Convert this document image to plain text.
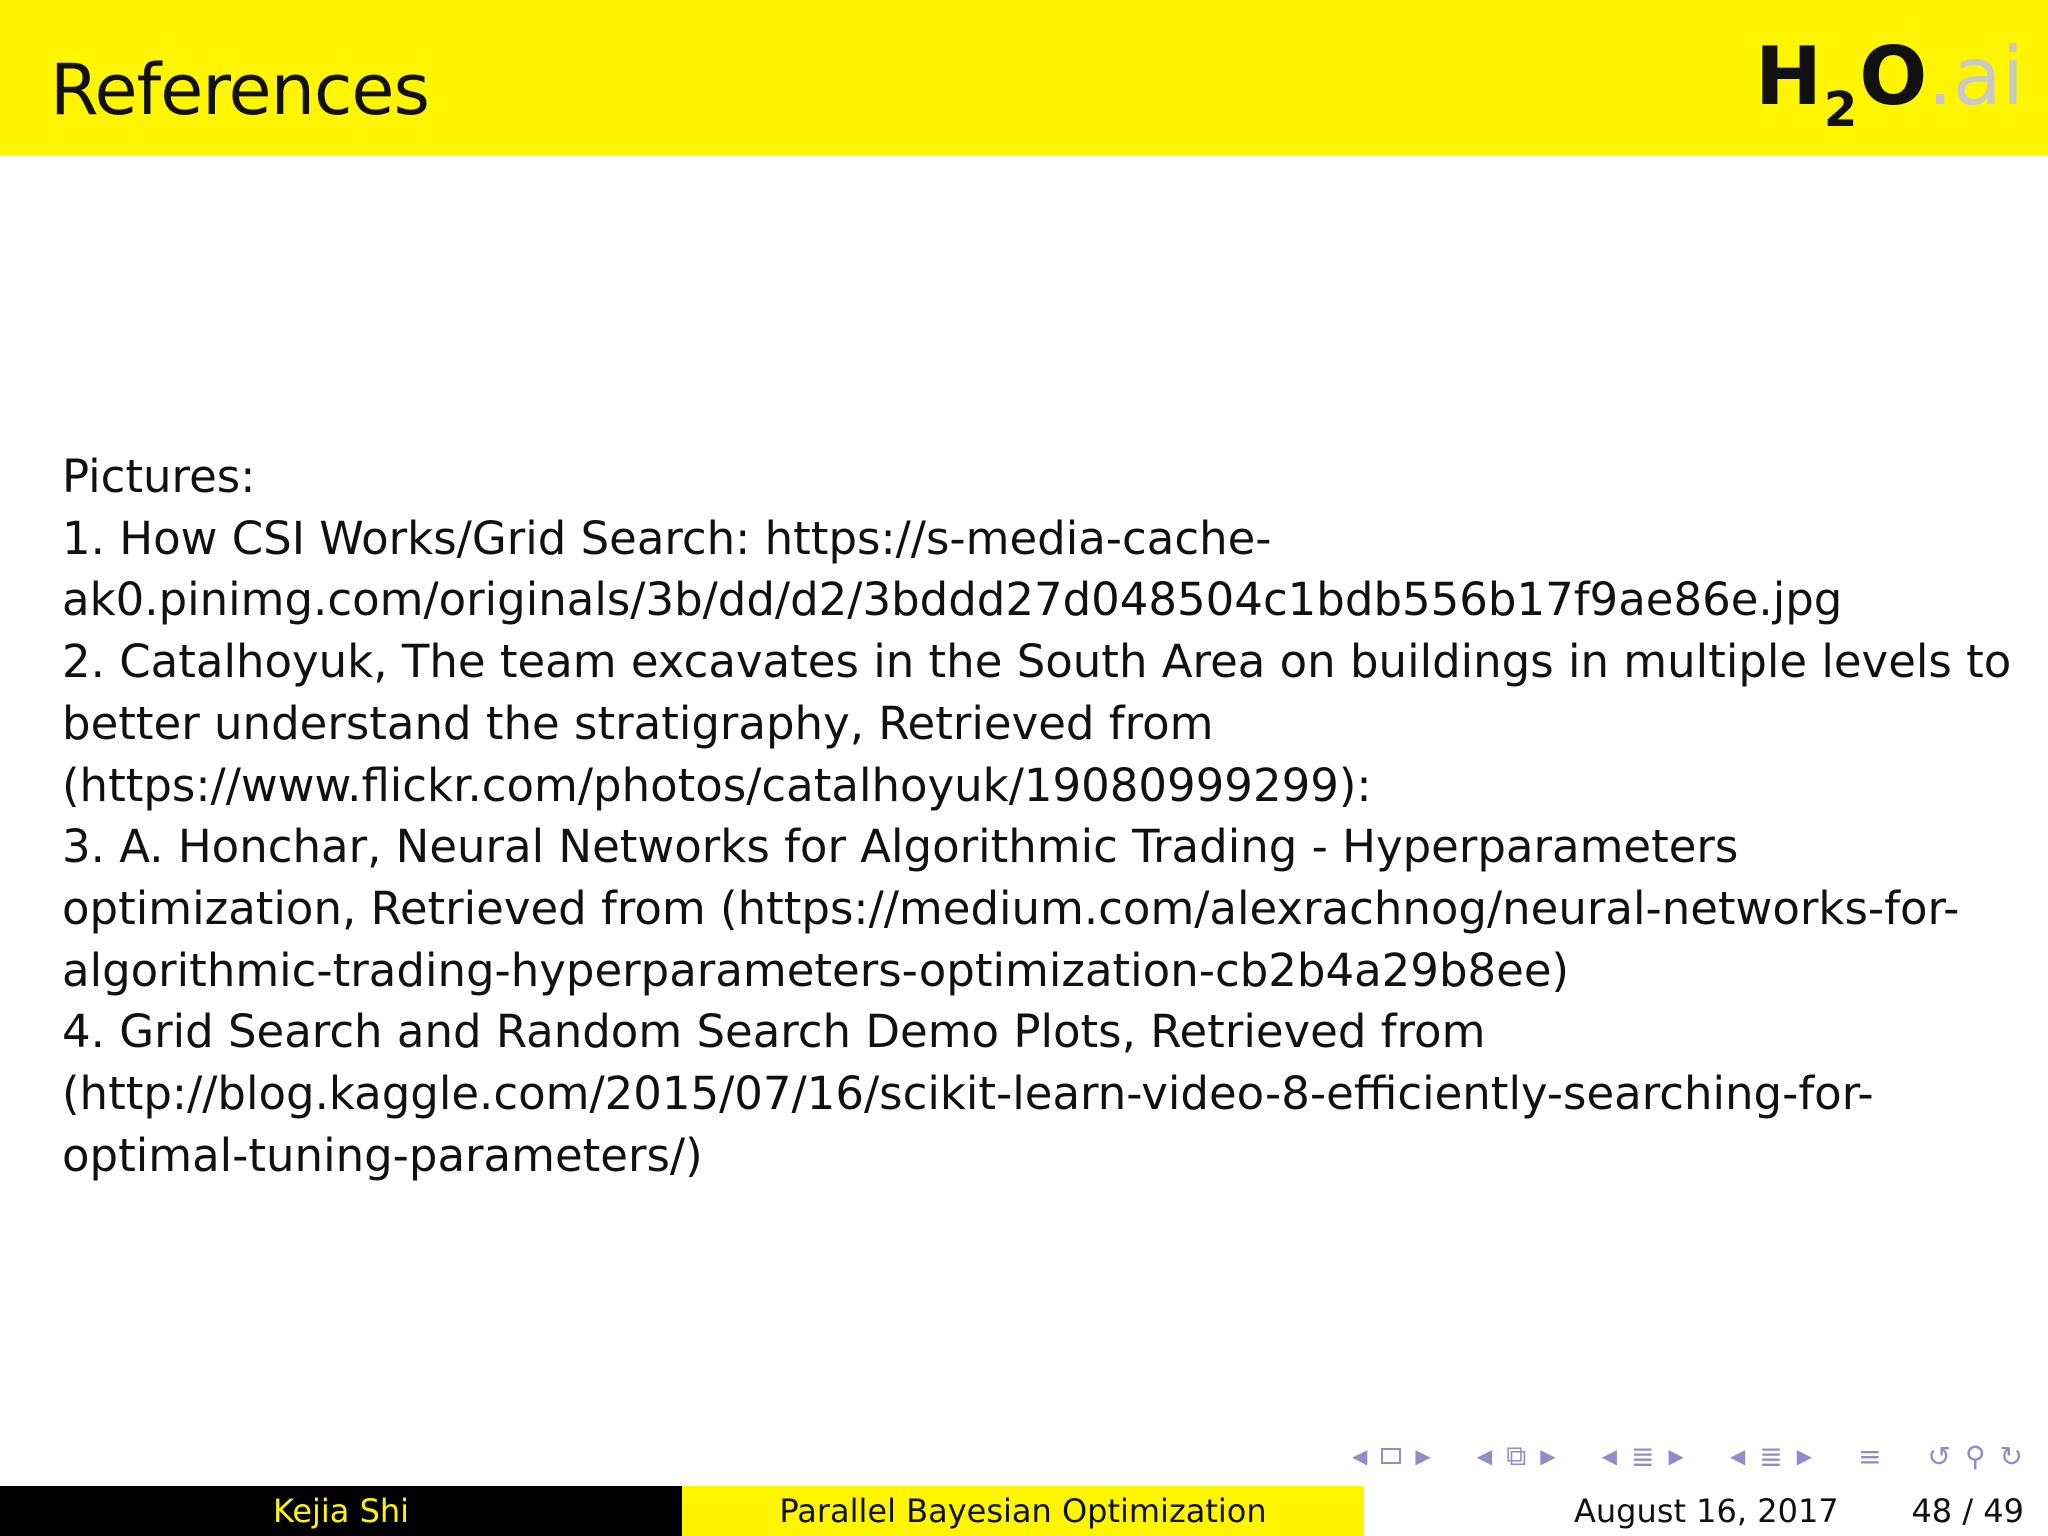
References	H 2 O .ai
Pictures:
1. How CSI Works/Grid Search: https://s-media-cache-
ak0.pinimg.com/originals/3b/dd/d2/3bddd27d048504c1bdb556b17f9ae86e.jpg
2. Catalhoyuk, The team excavates in the South Area on buildings in multiple levels to
better understand the stratigraphy, Retrieved from
(https://www.flickr.com/photos/catalhoyuk/19080999299):
3. A. Honchar, Neural Networks for Algorithmic Trading - Hyperparameters
optimization, Retrieved from (https://medium.com/alexrachnog/neural-networks-for-
algorithmic-trading-hyperparameters-optimization-cb2b4a29b8ee)
4. Grid Search and Random Search Demo Plots, Retrieved from
(http://blog.kaggle.com/2015/07/16/scikit-learn-video-8-efficiently-searching-for-
optimal-tuning-parameters/)
◀ ▶ ◀ ⧉ ▶ ◀ ≣ ▶ ◀ ≣ ▶ ≡ ↺ ⚲ ↻
Kejia Shi	Parallel Bayesian Optimization	August 16, 2017 48 / 49
